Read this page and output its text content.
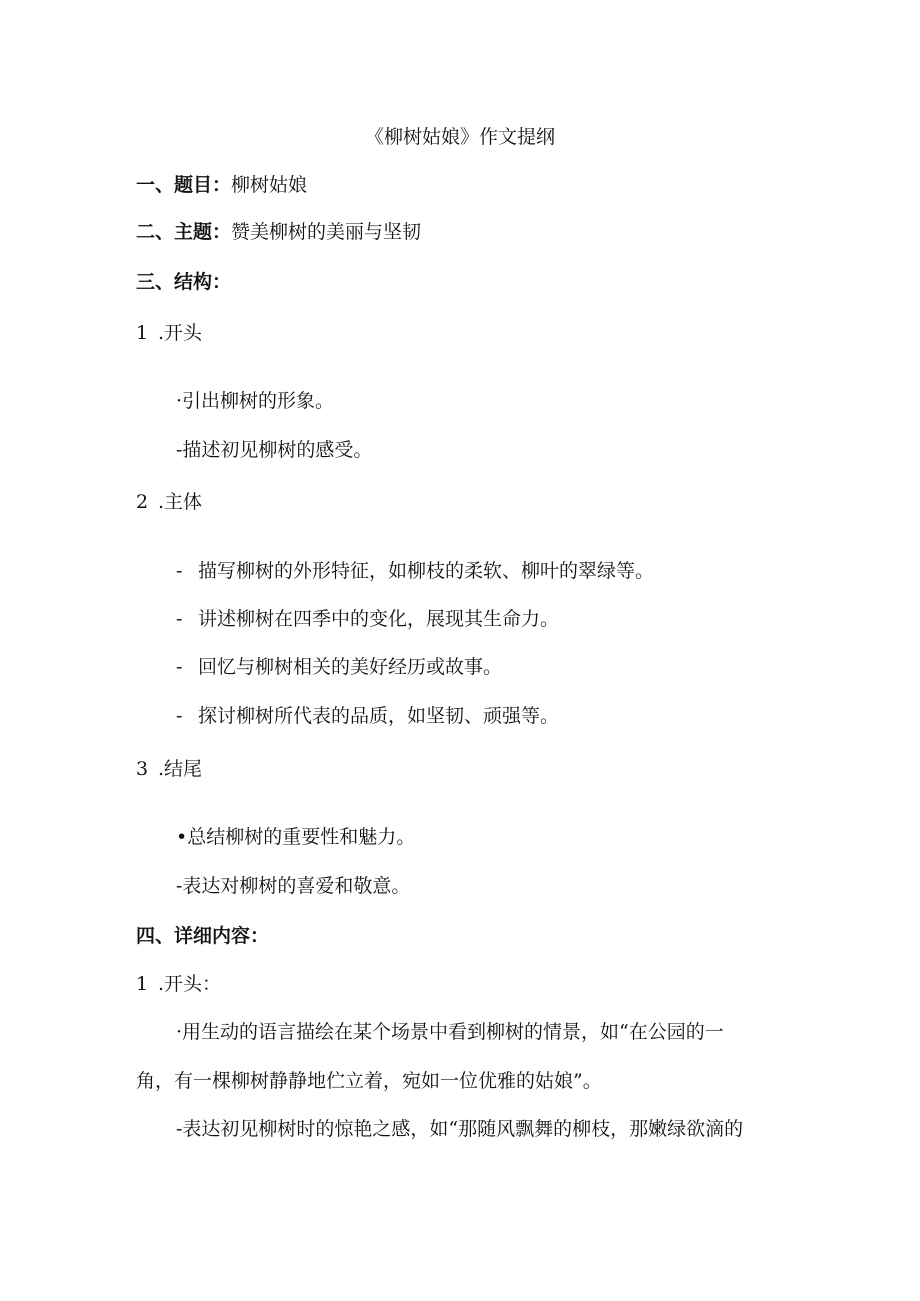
《柳树姑娘》作文提纲
一、题目：柳树姑娘
二、主题：赞美柳树的美丽与坚韧
三、结构：
1 .开头
·引出柳树的形象。
-描述初见柳树的感受。
2 .主体
- 描写柳树的外形特征，如柳枝的柔软、柳叶的翠绿等。
- 讲述柳树在四季中的变化，展现其生命力。
- 回忆与柳树相关的美好经历或故事。
- 探讨柳树所代表的品质，如坚韧、顽强等。
3 .结尾
•总结柳树的重要性和魅力。
-表达对柳树的喜爱和敬意。
四、详细内容：
1 .开头：
·用生动的语言描绘在某个场景中看到柳树的情景，如“在公园的一
角，有一棵柳树静静地伫立着，宛如一位优雅的姑娘”。
-表达初见柳树时的惊艳之感，如“那随风飘舞的柳枝，那嫩绿欲滴的
